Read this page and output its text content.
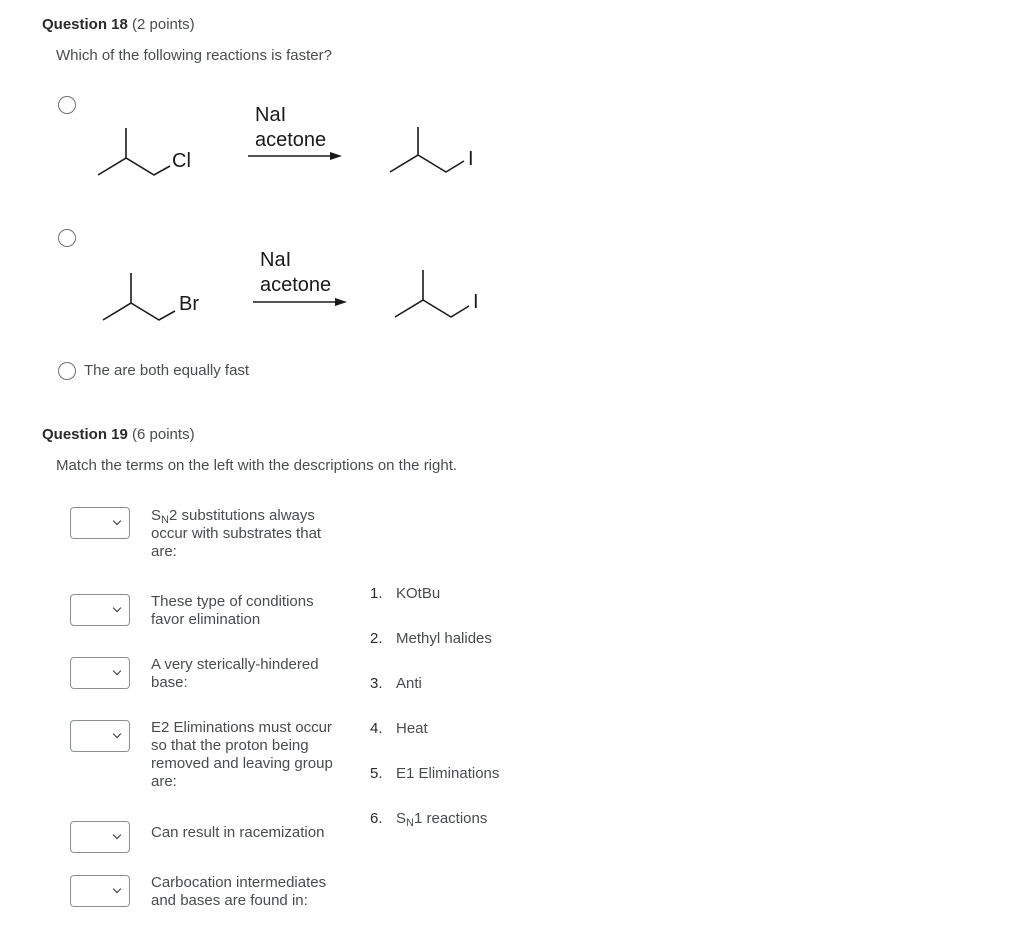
Question 18 (2 points)
Which of the following reactions is faster?
Cl
NaI
acetone
I
Br
NaI
acetone
I
The are both equally fast
Question 19 (6 points)
Match the terms on the left with the descriptions on the right.
$S_N2$ substitutions always occur with substrates that are:
These type of conditions favor elimination
A very sterically-hindered base:
E2 Eliminations must occur so that the proton being removed and leaving group are:
Can result in racemization
Carbocation intermediates and bases are found in:
1. KOtBu
2. Methyl halides
3. Anti
4. Heat
5. E1 Eliminations
6. $S_N1$ reactions
